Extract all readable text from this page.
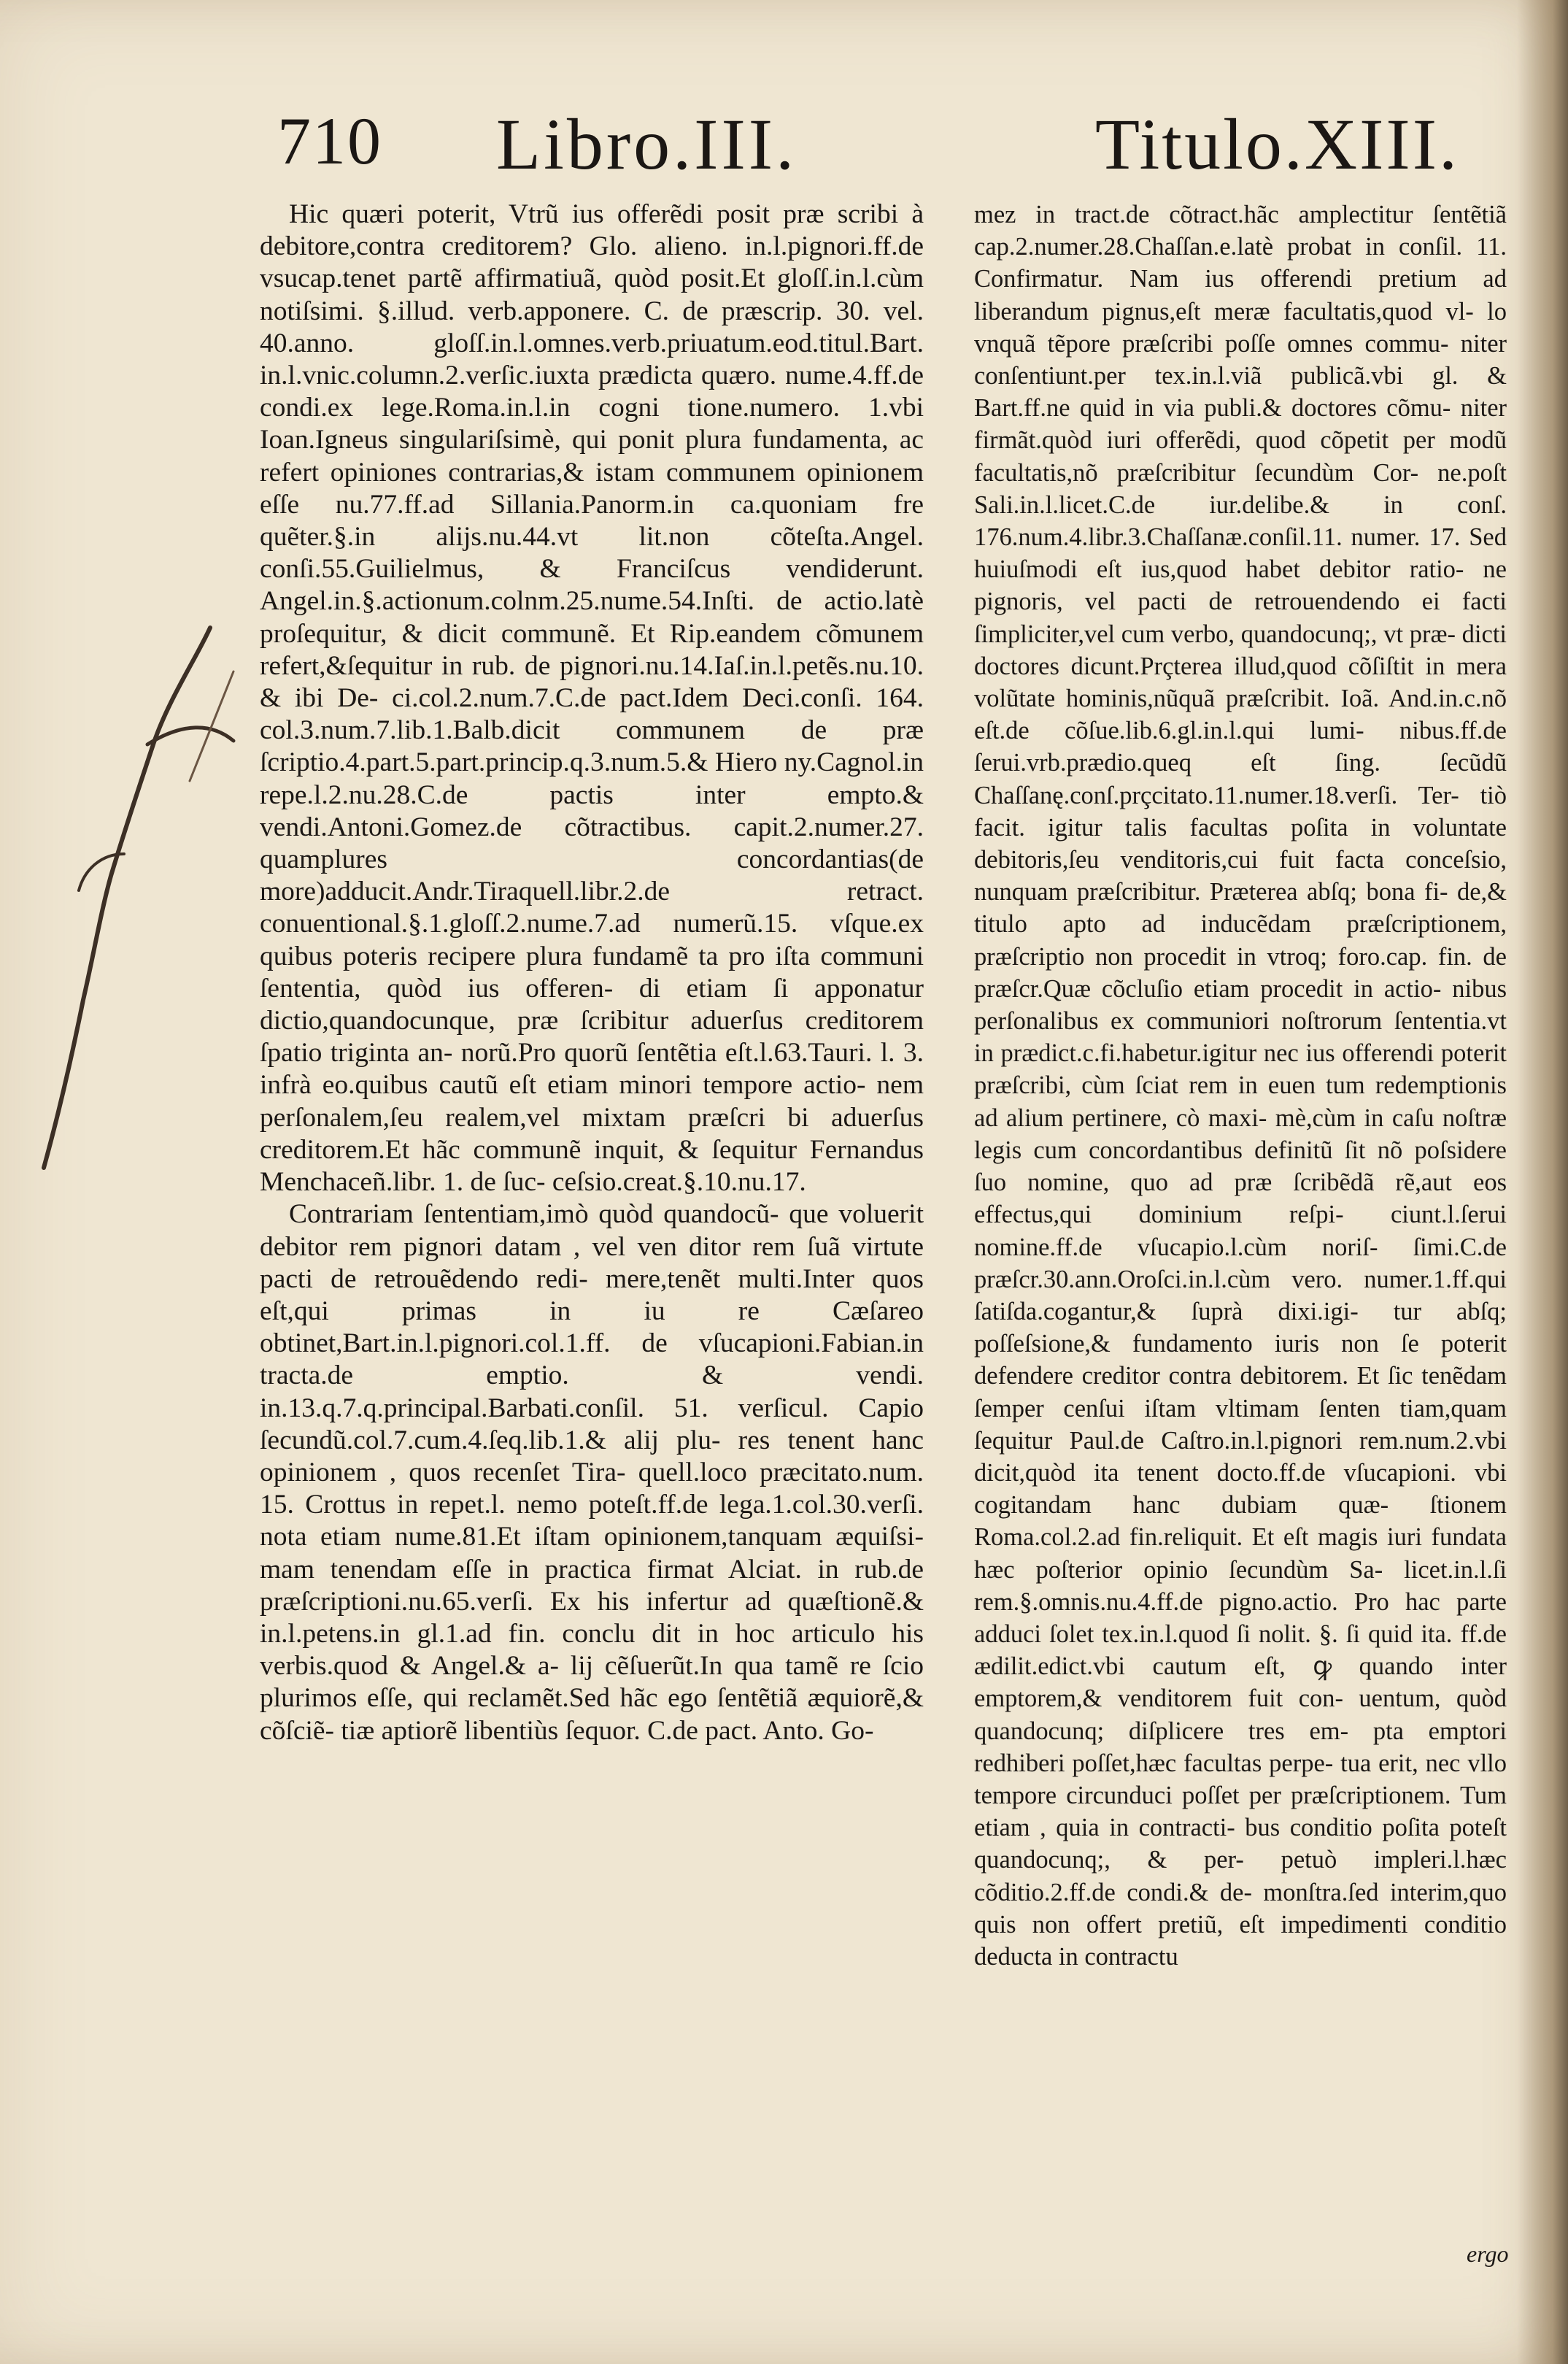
710 Libro.III.	Titulo.XIII.

Hic quæri poterit, Vtrũ ius offerẽdi posit præ scribi à debitore,contra creditorem? Glo. alieno. in.l.pignori.ff.de vsucap.tenet partẽ affirmatiuã, quòd posit.Et gloſſ.in.l.cùm notiſsimi. §.illud. verb.apponere. C. de præscrip. 30. vel. 40.anno. gloſſ.in.l.omnes.verb.priuatum.eod.titul.Bart. in.l.vnic.column.2.verſic.iuxta prædicta quæro. nume.4.ff.de condi.ex lege.Roma.in.l.in cogni tione.numero. 1.vbi Ioan.Igneus singulariſsimè, qui ponit plura fundamenta, ac refert opiniones contrarias,& istam communem opinionem eſſe nu.77.ff.ad Sillania.Panorm.in ca.quoniam fre quẽter.§.in alijs.nu.44.vt lit.non cõteſta.Angel. conſi.55.Guilielmus, & Franciſcus vendiderunt. Angel.in.§.actionum.colnm.25.nume.54.Inſti. de actio.latè proſequitur, & dicit communẽ. Et Rip.eandem cõmunem refert,&ſequitur in rub. de pignori.nu.14.Iaſ.in.l.petẽs.nu.10. & ibi De- ci.col.2.num.7.C.de pact.Idem Deci.conſi. 164. col.3.num.7.lib.1.Balb.dicit communem de præ ſcriptio.4.part.5.part.princip.q.3.num.5.& Hiero ny.Cagnol.in repe.l.2.nu.28.C.de pactis inter empto.& vendi.Antoni.Gomez.de cõtractibus. capit.2.numer.27. quamplures concordantias(de more)adducit.Andr.Tiraquell.libr.2.de retract. conuentional.§.1.gloſſ.2.nume.7.ad numerũ.15. vſque.ex quibus poteris recipere plura fundamẽ ta pro iſta communi ſententia, quòd ius offeren- di etiam ſi apponatur dictio,quandocunque, præ ſcribitur aduerſus creditorem ſpatio triginta an- norũ.Pro quorũ ſentẽtia eſt.l.63.Tauri. l. 3. infrà eo.quibus cautũ eſt etiam minori tempore actio- nem perſonalem,ſeu realem,vel mixtam præſcri bi aduerſus creditorem.Et hãc communẽ inquit, & ſequitur Fernandus Menchaceñ.libr. 1. de ſuc- ceſsio.creat.§.10.nu.17.

Contrariam ſententiam,imò quòd quandocũ- que voluerit debitor rem pignori datam , vel ven ditor rem ſuã virtute pacti de retrouẽdendo redi- mere,tenẽt multi.Inter quos eſt,qui primas in iu re Cæſareo obtinet,Bart.in.l.pignori.col.1.ff. de vſucapioni.Fabian.in tracta.de emptio. & vendi. in.13.q.7.q.principal.Barbati.conſil. 51. verſicul. Capio ſecundũ.col.7.cum.4.ſeq.lib.1.& alij plu- res tenent hanc opinionem , quos recenſet Tira- quell.loco præcitato.num. 15. Crottus in repet.l. nemo poteſt.ff.de lega.1.col.30.verſi. nota etiam nume.81.Et iſtam opinionem,tanquam æquiſsi- mam tenendam eſſe in practica firmat Alciat. in rub.de præſcriptioni.nu.65.verſi. Ex his infertur ad quæſtionẽ.& in.l.petens.in gl.1.ad fin. conclu dit in hoc articulo his verbis.quod & Angel.& a- lij cẽſuerũt.In qua tamẽ re ſcio plurimos eſſe, qui reclamẽt.Sed hãc ego ſentẽtiã æquiorẽ,& cõſciẽ- tiæ aptiorẽ libentiùs ſequor. C.de pact. Anto. Go-

mez in tract.de cõtract.hãc amplectitur ſentẽtiã cap.2.numer.28.Chaſſan.e.latè probat in conſil. 11. Confirmatur. Nam ius offerendi pretium ad liberandum pignus,eſt meræ facultatis,quod vl- lo vnquã tẽpore præſcribi poſſe omnes commu- niter conſentiunt.per tex.in.l.viã publicã.vbi gl. & Bart.ff.ne quid in via publi.& doctores cõmu- niter firmãt.quòd iuri offerẽdi, quod cõpetit per modũ facultatis,nõ præſcribitur ſecundùm Cor- ne.poſt Sali.in.l.licet.C.de iur.delibe.& in conſ. 176.num.4.libr.3.Chaſſanæ.conſil.11. numer. 17. Sed huiuſmodi eſt ius,quod habet debitor ratio- ne pignoris, vel pacti de retrouendendo ei facti ſimpliciter,vel cum verbo, quandocunq;, vt præ- dicti doctores dicunt.Prçterea illud,quod cõſiſtit in mera volũtate hominis,nũquã præſcribit. Ioã. And.in.c.nõ eſt.de cõſue.lib.6.gl.in.l.qui lumi- nibus.ff.de ſerui.vrb.prædio.queq eſt ſing. ſecũdũ Chaſſanę.conſ.prçcitato.11.numer.18.verſi. Ter- tiò facit. igitur talis facultas poſita in voluntate debitoris,ſeu venditoris,cui fuit facta conceſsio, nunquam præſcribitur. Præterea abſq; bona fi- de,& titulo apto ad inducẽdam præſcriptionem, præſcriptio non procedit in vtroq; foro.cap. fin. de præſcr.Quæ cõcluſio etiam procedit in actio- nibus perſonalibus ex communiori noſtrorum ſententia.vt in prædict.c.fi.habetur.igitur nec ius offerendi poterit præſcribi, cùm ſciat rem in euen tum redemptionis ad alium pertinere, cò maxi- mè,cùm in caſu noſtræ legis cum concordantibus definitũ ſit nõ poſsidere ſuo nomine, quo ad præ ſcribẽdã rẽ,aut eos effectus,qui dominium reſpi- ciunt.l.ſerui nomine.ff.de vſucapio.l.cùm noriſ- ſimi.C.de præſcr.30.ann.Oroſci.in.l.cùm vero. numer.1.ff.qui ſatiſda.cogantur,& ſuprà dixi.igi- tur abſq; poſſeſsione,& fundamento iuris non ſe poterit defendere creditor contra debitorem. Et ſic tenẽdam ſemper cenſui iſtam vltimam ſenten tiam,quam ſequitur Paul.de Caſtro.in.l.pignori rem.num.2.vbi dicit,quòd ita tenent docto.ff.de vſucapioni. vbi cogitandam hanc dubiam quæ- ſtionem Roma.col.2.ad fin.reliquit. Et eſt magis iuri fundata hæc poſterior opinio ſecundùm Sa- licet.in.l.ſi rem.§.omnis.nu.4.ff.de pigno.actio. Pro hac parte adduci ſolet tex.in.l.quod ſi nolit. §. ſi quid ita. ff.de ædilit.edict.vbi cautum eſt, ꝙ quando inter emptorem,& venditorem fuit con- uentum, quòd quandocunq; diſplicere tres em- pta emptori redhiberi poſſet,hæc facultas perpe- tua erit, nec vllo tempore circunduci poſſet per præſcriptionem. Tum etiam , quia in contracti- bus conditio poſita poteſt quandocunq;, & per- petuò impleri.l.hæc cõditio.2.ff.de condi.& de- monſtra.ſed interim,quo quis non offert pretiũ, eſt impedimenti conditio deducta in contractu

ergo
